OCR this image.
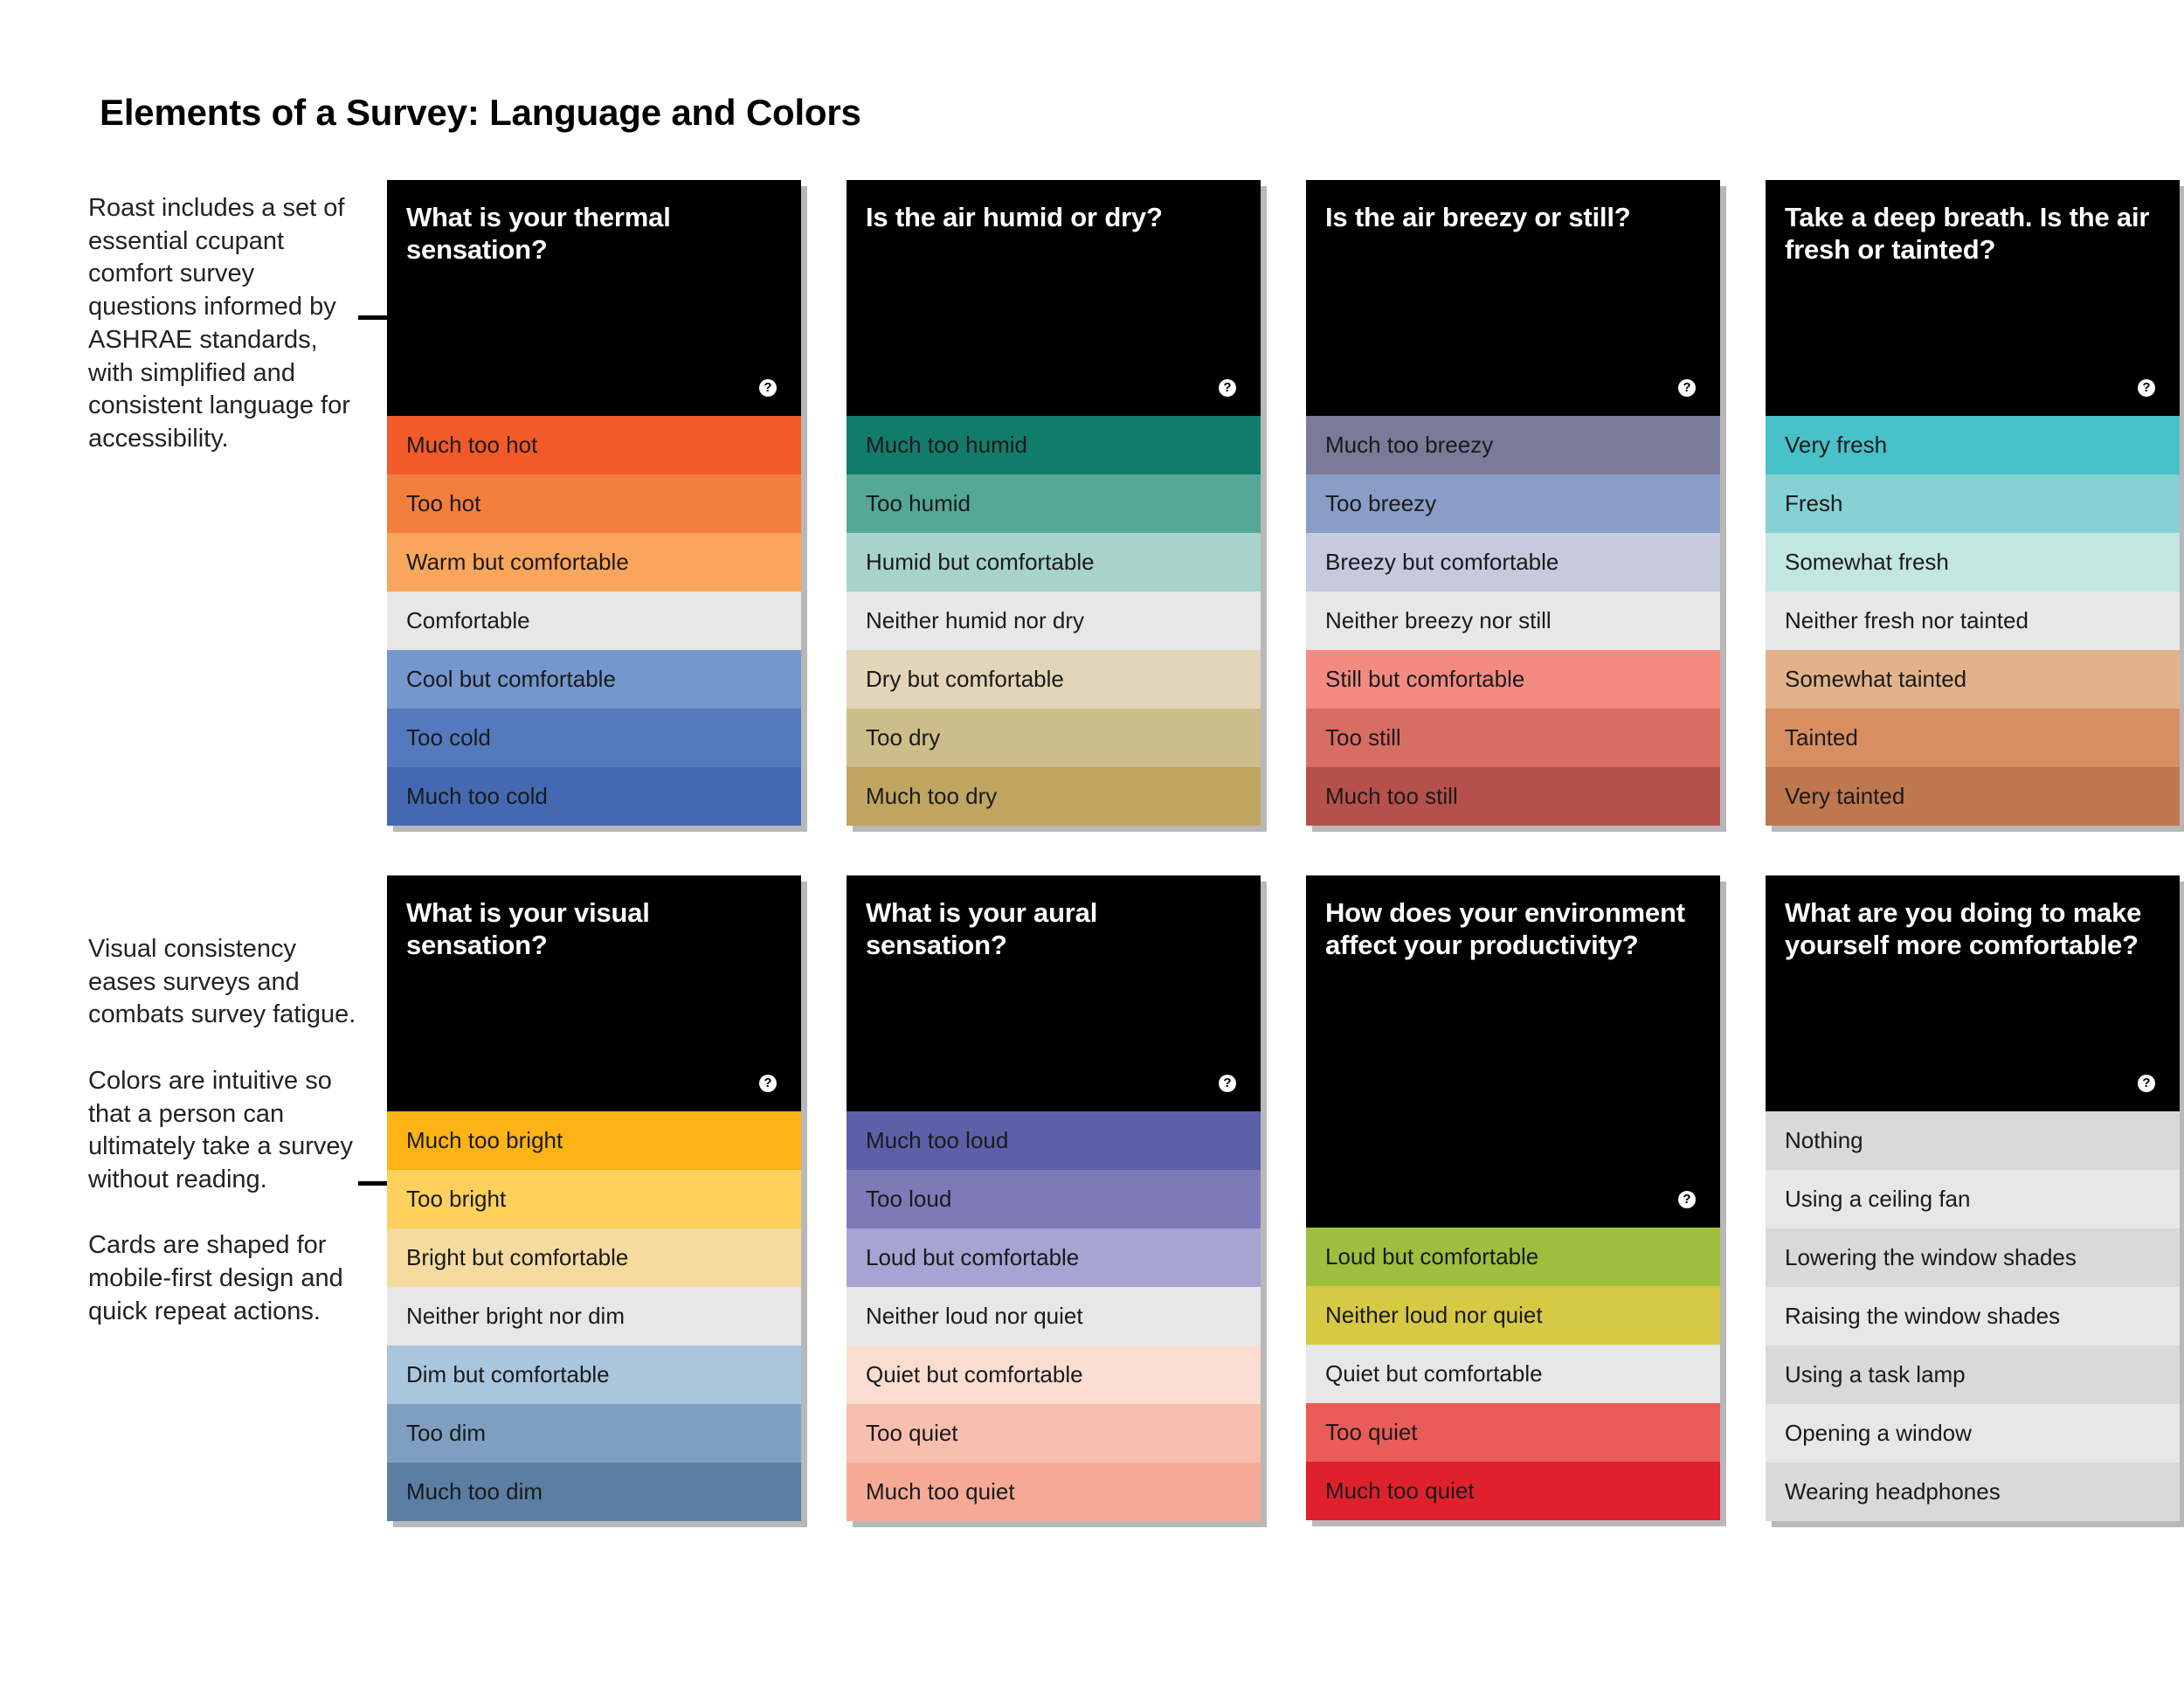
Elements of a Survey: Language and Colors

Roast includes a set of essential ccupant comfort survey questions informed by ASHRAE standards, with simplified and consistent language for accessibility.

Visual consistency eases surveys and combats survey fatigue.

Colors are intuitive so that a person can ultimately take a survey without reading.

Cards are shaped for mobile-first design and quick repeat actions.

What is your thermal sensation?
?
Much too hot
Too hot
Warm but comfortable
Comfortable
Cool but comfortable
Too cold
Much too cold
Is the air humid or dry?
?
Much too humid
Too humid
Humid but comfortable
Neither humid nor dry
Dry but comfortable
Too dry
Much too dry
Is the air breezy or still?
?
Much too breezy
Too breezy
Breezy but comfortable
Neither breezy nor still
Still but comfortable
Too still
Much too still
Take a deep breath. Is the air fresh or tainted?
?
Very fresh
Fresh
Somewhat fresh
Neither fresh nor tainted
Somewhat tainted
Tainted
Very tainted
What is your visual sensation?
?
Much too bright
Too bright
Bright but comfortable
Neither bright nor dim
Dim but comfortable
Too dim
Much too dim
What is your aural sensation?
?
Much too loud
Too loud
Loud but comfortable
Neither loud nor quiet
Quiet but comfortable
Too quiet
Much too quiet
How does your environment affect your productivity?
?
Loud but comfortable
Neither loud nor quiet
Quiet but comfortable
Too quiet
Much too quiet
What are you doing to make yourself more comfortable?
?
Nothing
Using a ceiling fan
Lowering the window shades
Raising the window shades
Using a task lamp
Opening a window
Wearing headphones
